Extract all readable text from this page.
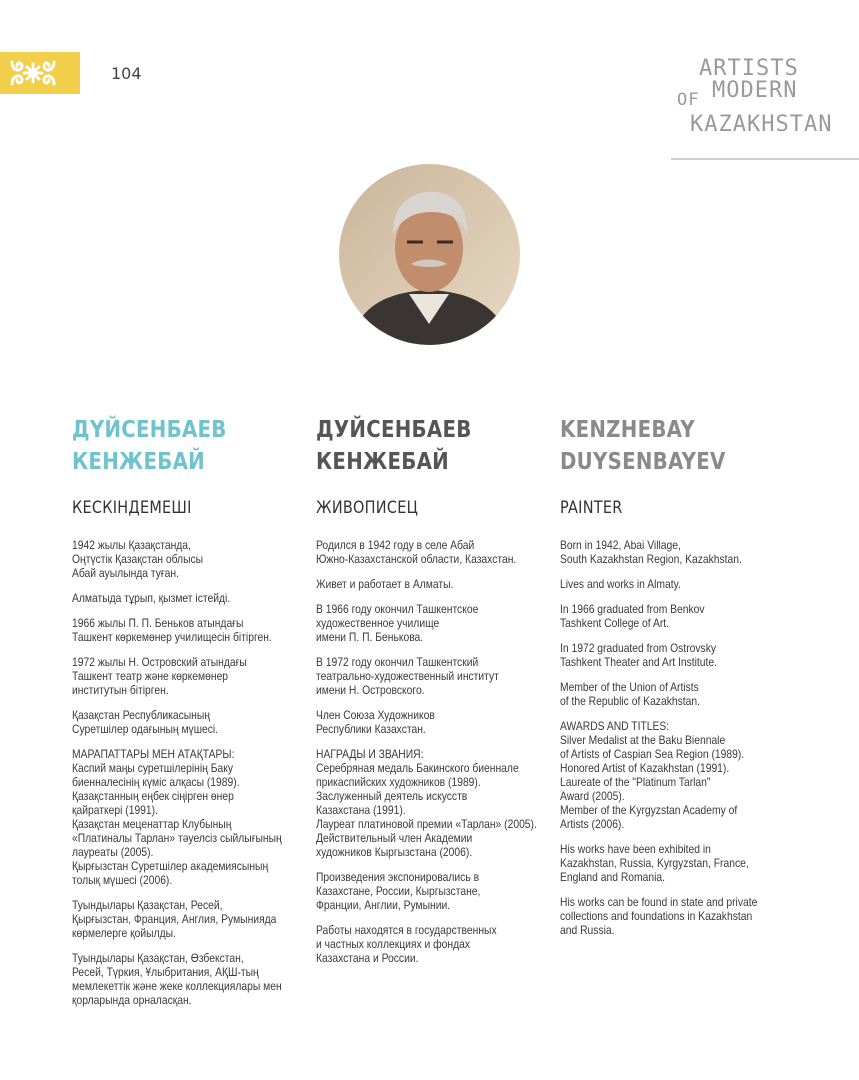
104	ARTISTS
OF MODERN
KAZAKHSTAN
ДҮЙСЕНБАЕВ
КЕНЖЕБАЙ
КЕСКІНДЕМЕШІ

1942 жылы Қазақстанда,
Оңтүстік Қазақстан облысы
Абай ауылында туған.

Алматыда тұрып, қызмет істейді.

1966 жылы П. П. Беньков атындағы
Ташкент көркемөнер училищесін бітірген.

1972 жылы Н. Островский атындағы
Ташкент театр және көркемөнер
институтын бітірген.

Қазақстан Республикасының
Суретшілер одағының мүшесі.

МАРАПАТТАРЫ МЕН АТАҚТАРЫ:
Каспий маңы суретшілерінің Баку
биенналесінің күміс алқасы (1989).
Қазақстанның еңбек сіңірген өнер
қайраткері (1991).
Қазақстан меценаттар Клубының
«Платиналы Тарлан» тәуелсіз сыйлығының
лауреаты (2005).
Қырғызстан Суретшілер академиясының
толық мүшесі (2006).

Туындылары Қазақстан, Ресей,
Қырғызстан, Франция, Англия, Румынияда
көрмелерге қойылды.

Туындылары Қазақстан, Өзбекстан,
Ресей, Түркия, Ұлыбритания, АҚШ-тың
мемлекеттік және жеке коллекциялары мен
қорларында орналасқан.

ДУЙСЕНБАЕВ
КЕНЖЕБАЙ
ЖИВОПИСЕЦ

Родился в 1942 году в селе Абай
Южно-Казахстанской области, Казахстан.

Живет и работает в Алматы.

В 1966 году окончил Ташкентское
художественное училище
имени П. П. Бенькова.

В 1972 году окончил Ташкентский
театрально-художественный институт
имени Н. Островского.

Член Союза Художников
Республики Казахстан.

НАГРАДЫ И ЗВАНИЯ:
Серебряная медаль Бакинского биеннале
прикаспийских художников (1989).
Заслуженный деятель искусств
Казахстана (1991).
Лауреат платиновой премии «Тарлан» (2005).
Действительный член Академии
художников Кыргызстана (2006).

Произведения экспонировались в
Казахстане, России, Кыргызстане,
Франции, Англии, Румынии.

Работы находятся в государственных
и частных коллекциях и фондах
Казахстана и России.

KENZHEBAY
DUYSENBAYEV
PAINTER

Born in 1942, Abai Village,
South Kazakhstan Region, Kazakhstan.

Lives and works in Almaty.

In 1966 graduated from Benkov
Tashkent College of Art.

In 1972 graduated from Ostrovsky
Tashkent Theater and Art Institute.

Member of the Union of Artists
of the Republic of Kazakhstan.

AWARDS AND TITLES:
Silver Medalist at the Baku Biennale
of Artists of Caspian Sea Region (1989).
Honored Artist of Kazakhstan (1991).
Laureate of the "Platinum Tarlan"
Award (2005).
Member of the Kyrgyzstan Academy of
Artists (2006).

His works have been exhibited in
Kazakhstan, Russia, Kyrgyzstan, France,
England and Romania.

His works can be found in state and private
collections and foundations in Kazakhstan
and Russia.
